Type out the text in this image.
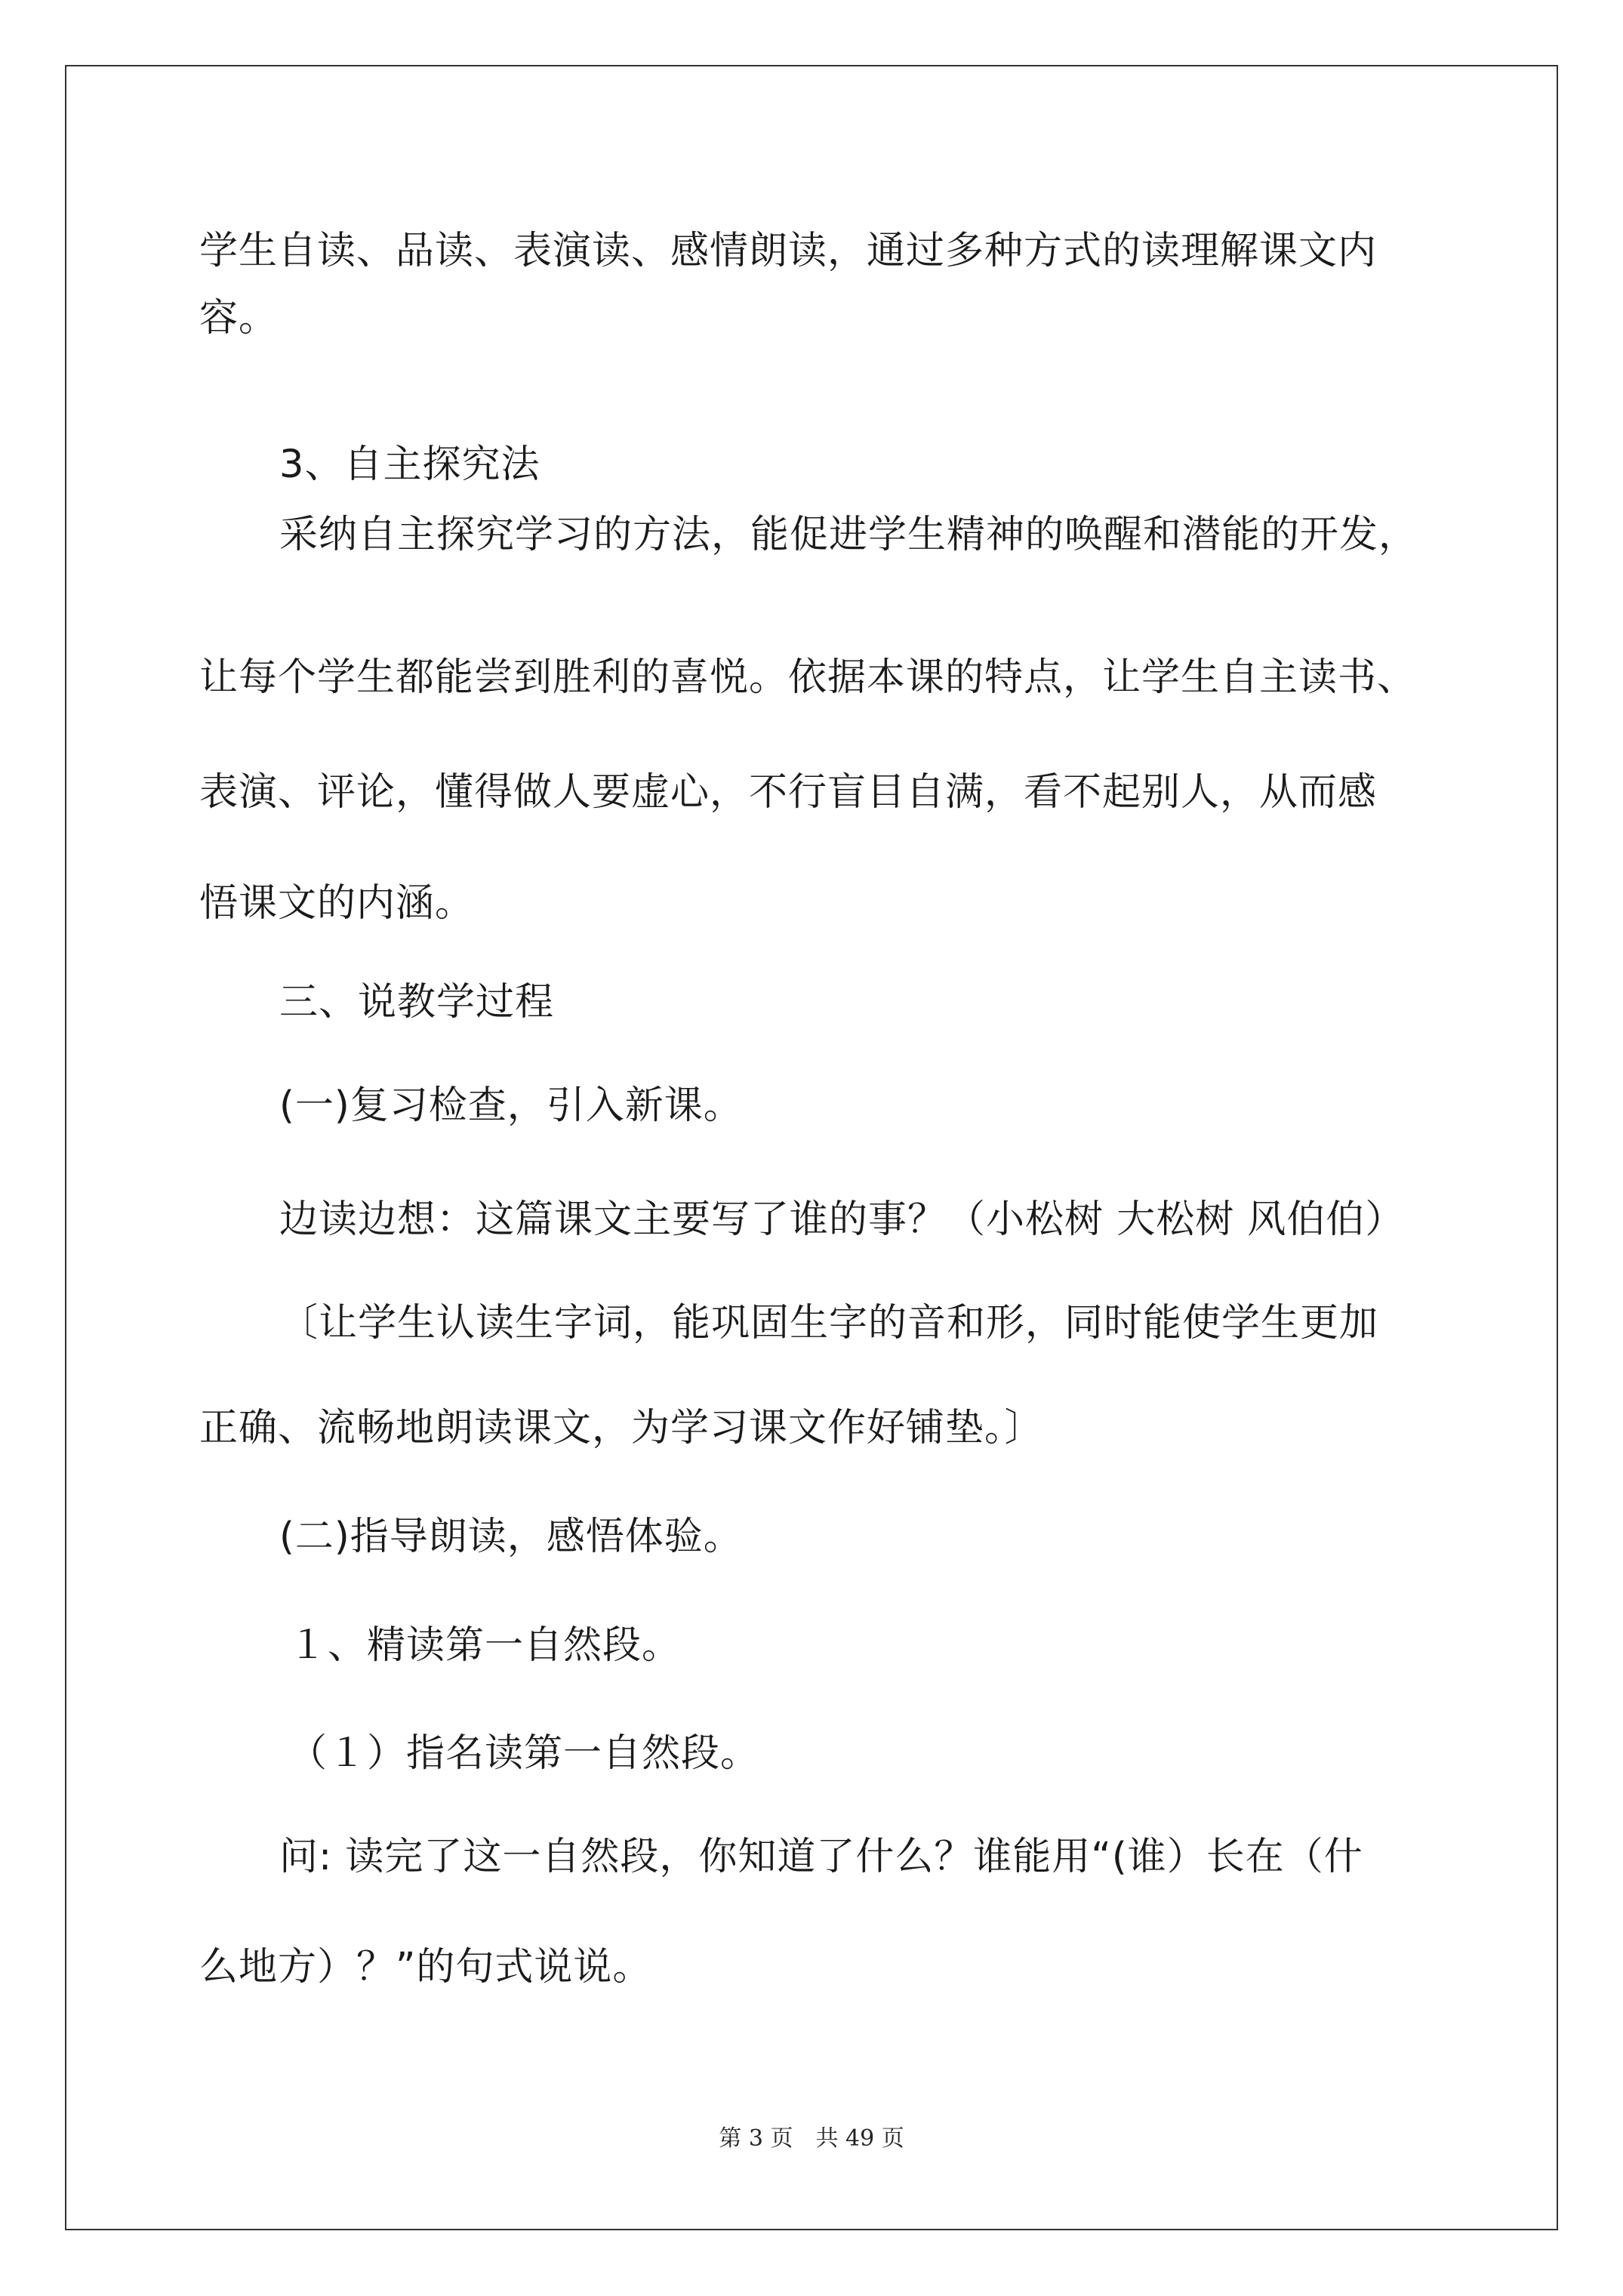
学生自读、品读、表演读、感情朗读，通过多种方式的读理解课文内
容。
3、自主探究法
采纳自主探究学习的方法，能促进学生精神的唤醒和潜能的开发，
让每个学生都能尝到胜利的喜悦。依据本课的特点，让学生自主读书、
表演、评论，懂得做人要虚心，不行盲目自满，看不起别人，从而感
悟课文的内涵。
三、说教学过程
(一)复习检查，引入新课。
边读边想：这篇课文主要写了谁的事？（小松树 大松树 风伯伯）
〔让学生认读生字词，能巩固生字的音和形，同时能使学生更加
正确、流畅地朗读课文，为学习课文作好铺垫。〕
(二)指导朗读，感悟体验。
１、精读第一自然段。
（１）指名读第一自然段。
问: 读完了这一自然段，你知道了什么？谁能用“(谁）长在（什
么地方）？”的句式说说。
第 3 页　共 49 页
